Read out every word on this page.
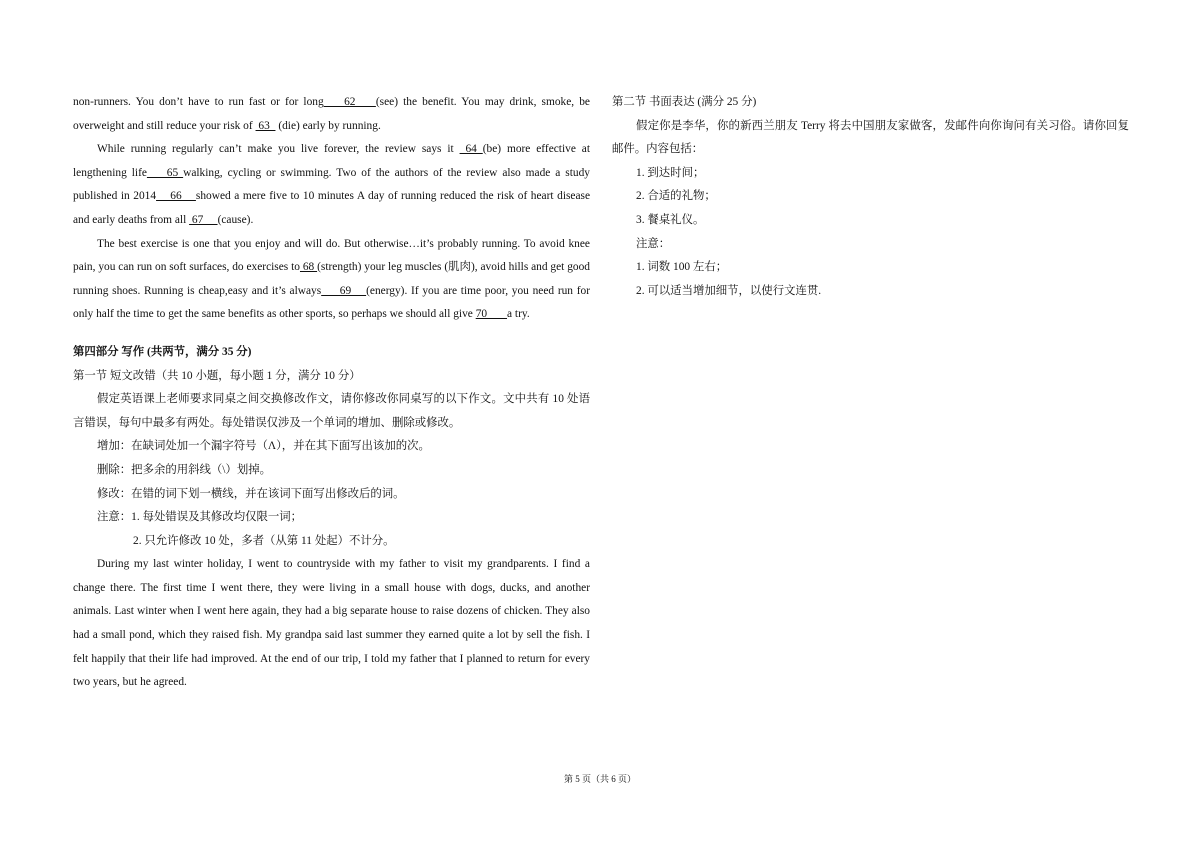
non-runners. You don’t have to run fast or for long    62    (see) the benefit. You may drink, smoke, be overweight and still reduce your risk of  63   (die) early by running.

While running regularly can’t make you live forever, the review says it  64 (be) more effective at lengthening life    65 walking, cycling or swimming. Two of the authors of the review also made a study published in 2014    66    showed a mere five to 10 minutes A day of running reduced the risk of heart disease and early deaths from all  67     (cause).

The best exercise is one that you enjoy and will do. But otherwise…it’s probably running. To avoid knee pain, you can run on soft surfaces, do exercises to 68 (strength) your leg muscles (肌肉), avoid hills and get good running shoes. Running is cheap,easy and it’s always     69    (energy). If you are time poor, you need run for only half the time to get the same benefits as other sports, so perhaps we should all give 70       a try.

第四部分 写作 (共两节，满分 35 分)

第一节 短文改错（共 10 小题，每小题 1 分，满分 10 分）

假定英语课上老师要求同桌之间交换修改作文，请你修改你同桌写的以下作文。文中共有 10 处语言错误，每句中最多有两处。每处错误仅涉及一个单词的增加、删除或修改。

增加：在缺词处加一个漏字符号（Λ），并在其下面写出该加的次。

删除：把多余的用斜线（\）划掉。

修改：在错的词下划一横线，并在该词下面写出修改后的词。

注意：1. 每处错误及其修改均仅限一词；

2. 只允许修改 10 处，多者（从第 11 处起）不计分。

During my last winter holiday, I went to countryside with my father to visit my grandparents. I find a change there. The first time I went there, they were living in a small house with dogs, ducks, and another animals. Last winter when I went here again, they had a big separate house to raise dozens of chicken. They also had a small pond, which they raised fish. My grandpa said last summer they earned quite a lot by sell the fish. I felt happily that their life had improved. At the end of our trip, I told my father that I planned to return for every two years, but he agreed.

第二节 书面表达 (满分 25 分)

假定你是李华，你的新西兰朋友 Terry 将去中国朋友家做客，发邮件向你询问有关习俗。请你回复邮件。内容包括：

1. 到达时间；

2. 合适的礼物；

3. 餐桌礼仪。

注意：

1. 词数 100 左右；

2. 可以适当增加细节，以使行文连贯.

第 5 页（共 6 页）
